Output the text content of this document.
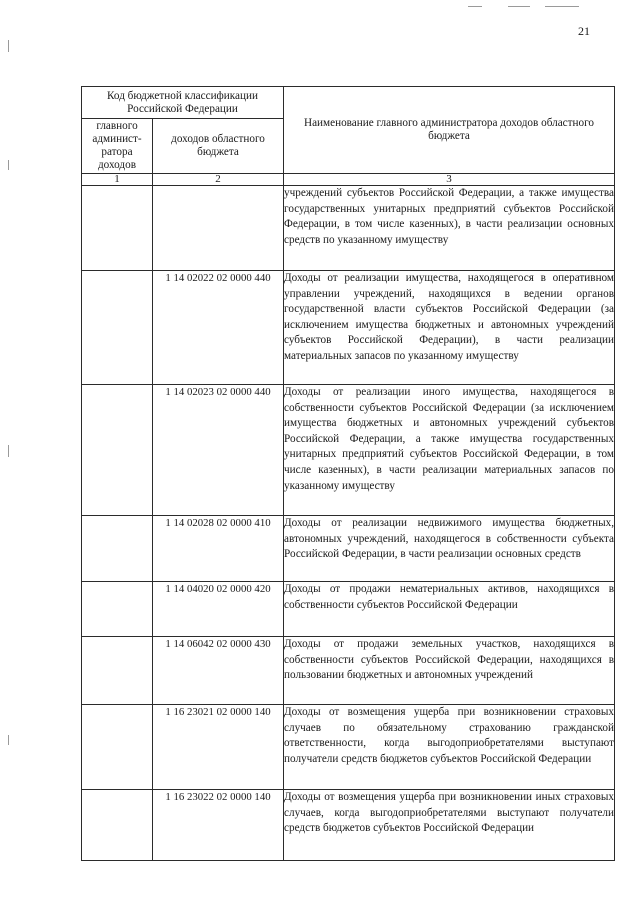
21
Код бюджетной классификации Российской Федерации		Наименование главного администратора доходов областного бюджета
главного админист-ратора доходов	доходов областного бюджета	
1	2	3
		учреждений субъектов Российской Федерации, а также имущества государственных унитарных предприятий субъектов Российской Федерации, в том числе казенных), в части реализации основных средств по указанному имуществу
	1 14 02022 02 0000 440	Доходы от реализации имущества, находящегося в оперативном управлении учреждений, находящихся в ведении органов государственной власти субъектов Российской Федерации (за исключением имущества бюджетных и автономных учреждений субъектов Российской Федерации), в части реализации материальных запасов по указанному имуществу
	1 14 02023 02 0000 440	Доходы от реализации иного имущества, находящегося в собственности субъектов Российской Федерации (за исключением имущества бюджетных и автономных учреждений субъектов Российской Федерации, а также имущества государственных унитарных предприятий субъектов Российской Федерации, в том числе казенных), в части реализации материальных запасов по указанному имуществу
	1 14 02028 02 0000 410	Доходы от реализации недвижимого имущества бюджетных, автономных учреждений, находящегося в собственности субъекта Российской Федерации, в части реализации основных средств
	1 14 04020 02 0000 420	Доходы от продажи нематериальных активов, находящихся в собственности субъектов Российской Федерации
	1 14 06042 02 0000 430	Доходы от продажи земельных участков, находящихся в собственности субъектов Российской Федерации, находящихся в пользовании бюджетных и автономных учреждений
	1 16 23021 02 0000 140	Доходы от возмещения ущерба при возникновении страховых случаев по обязательному страхованию гражданской ответственности, когда выгодоприобретателями выступают получатели средств бюджетов субъектов Российской Федерации
	1 16 23022 02 0000 140	Доходы от возмещения ущерба при возникновении иных страховых случаев, когда выгодоприобретателями выступают получатели средств бюджетов субъектов Российской Федерации
